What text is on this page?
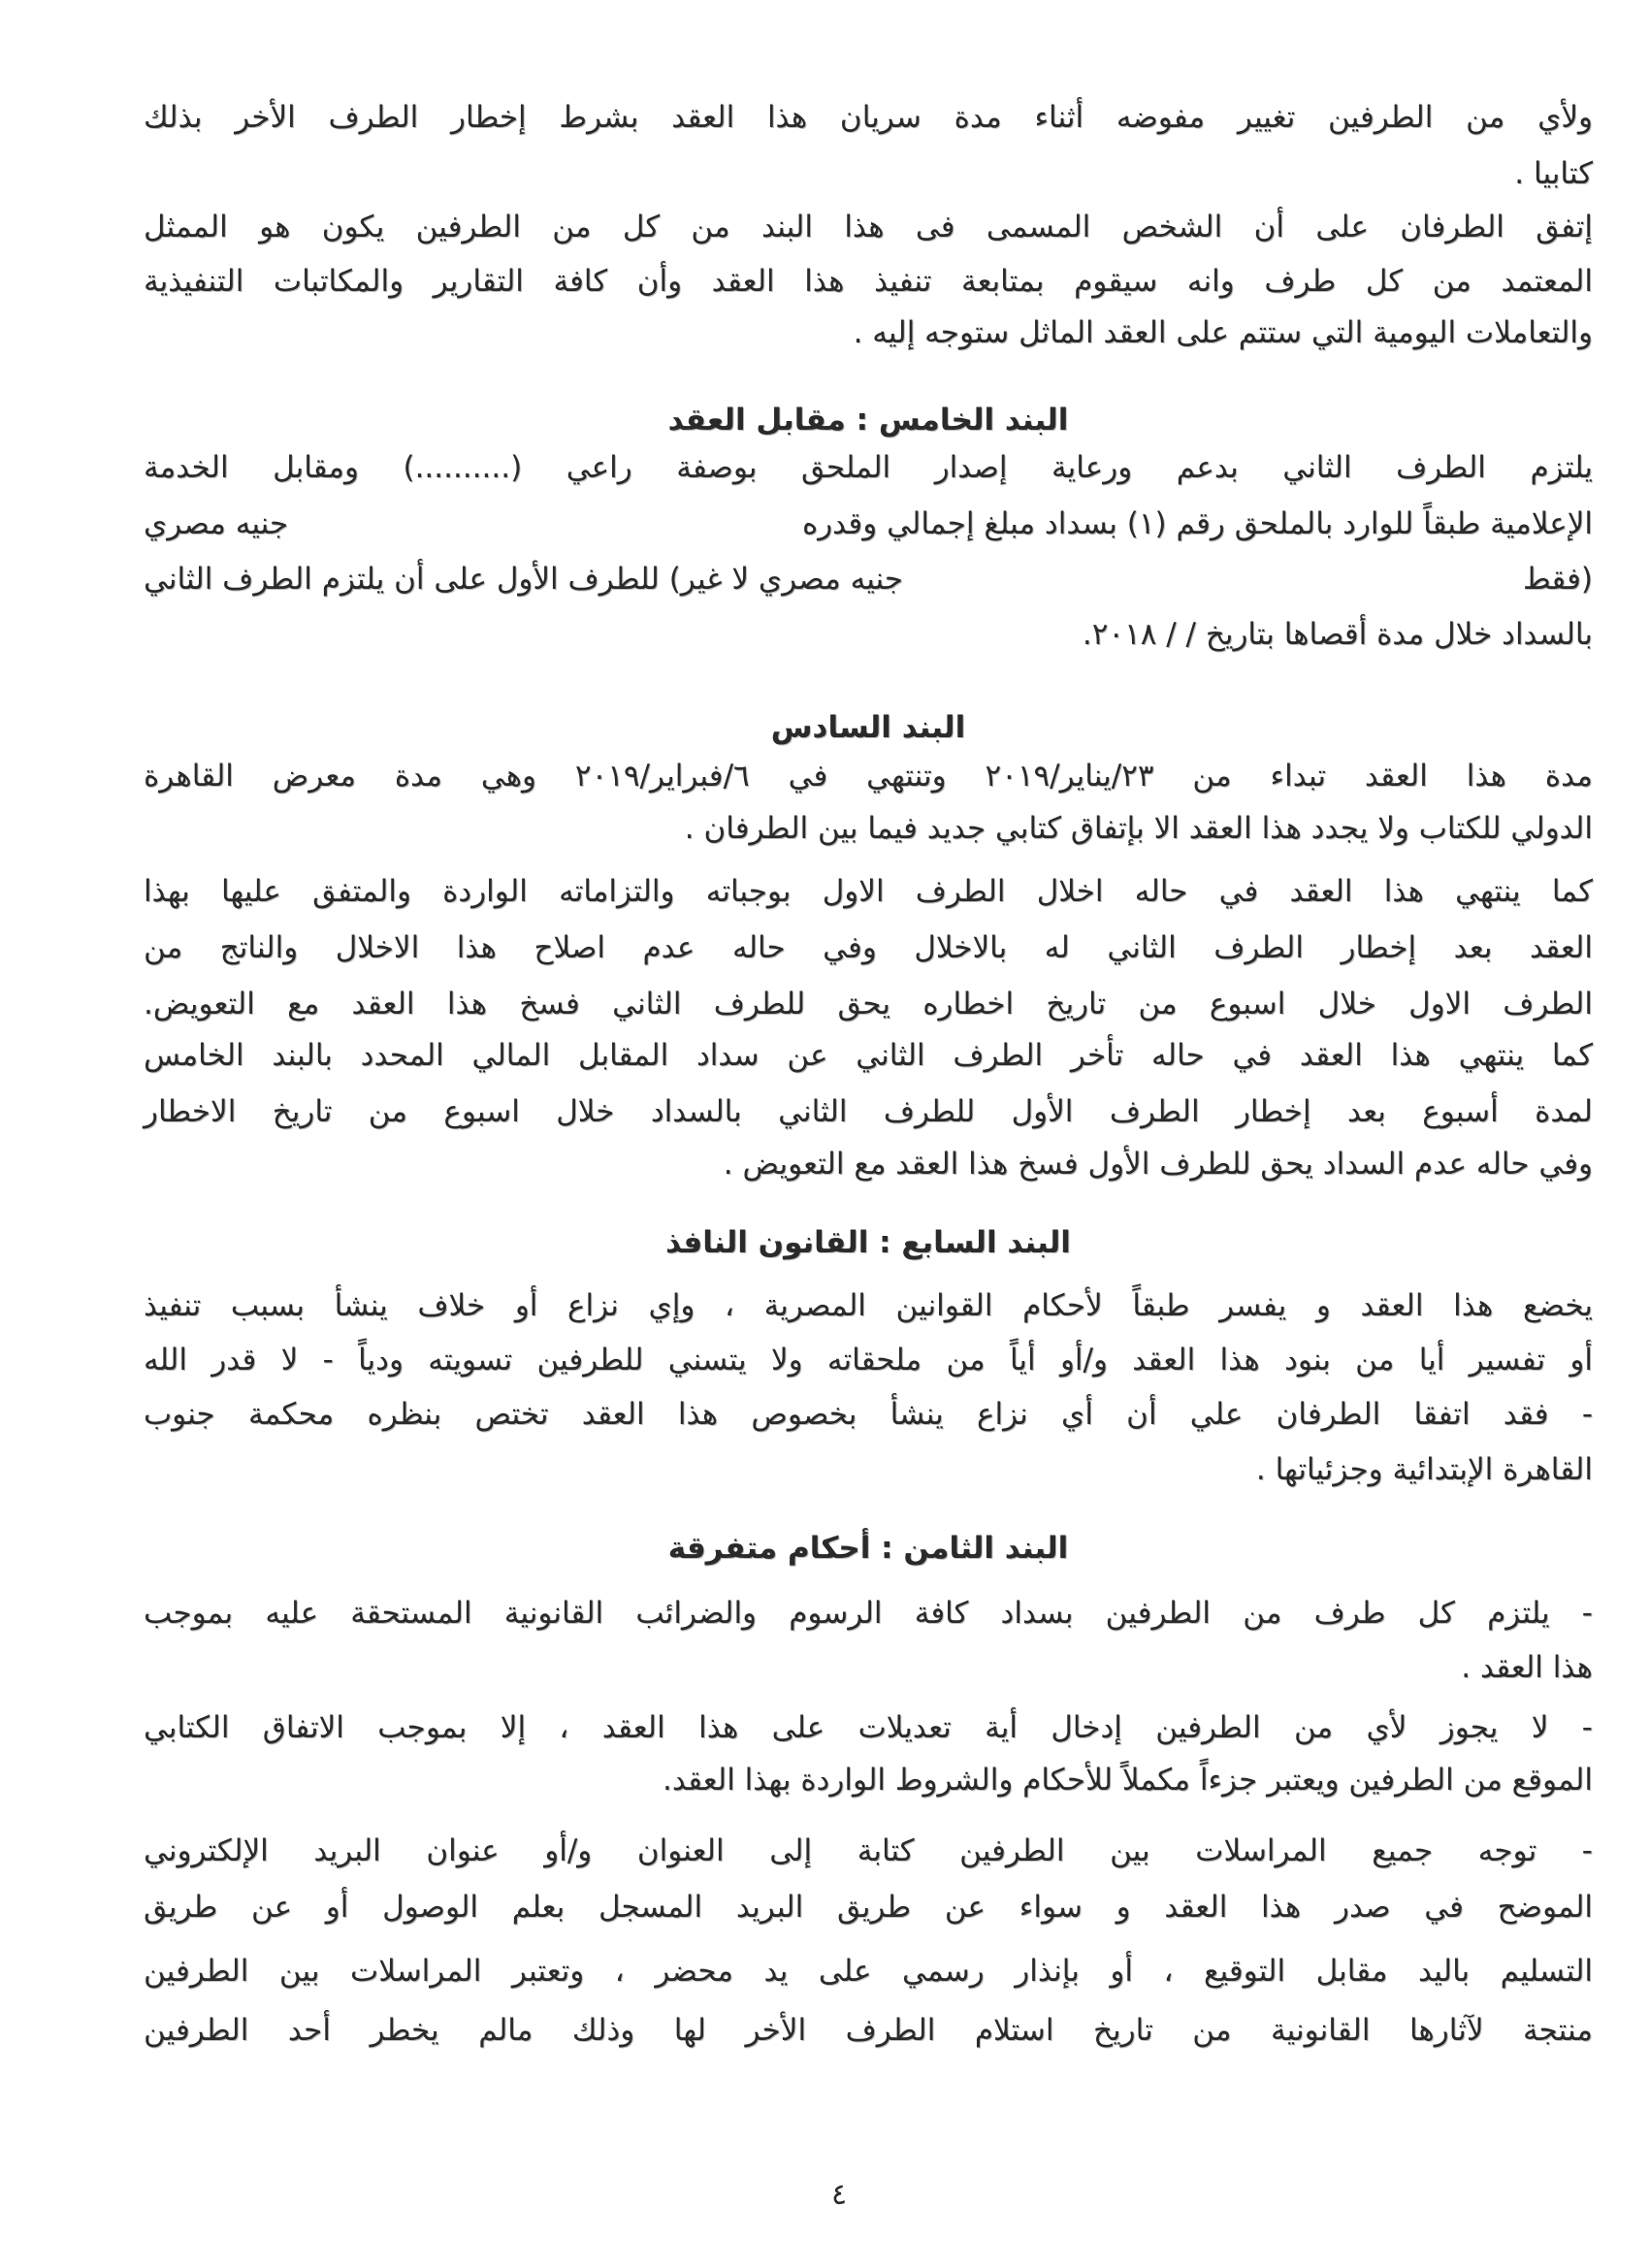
ولأي من الطرفين تغيير مفوضه أثناء مدة سريان هذا العقد بشرط إخطار الطرف الأخر بذلك
كتابيا .
إتفق الطرفان على أن الشخص المسمى فى هذا البند من كل من الطرفين يكون هو الممثل
المعتمد من كل طرف وانه سيقوم بمتابعة تنفيذ هذا العقد وأن كافة التقارير والمكاتبات التنفيذية
والتعاملات اليومية التي ستتم على العقد الماثل ستوجه إليه .
البند الخامس : مقابل العقد
يلتزم الطرف الثاني بدعم ورعاية إصدار الملحق بوصفة راعي (..........) ومقابل الخدمة
الإعلامية طبقاً للوارد بالملحق رقم (١) بسداد مبلغ إجمالي وقدره
جنيه مصري
(فقط
جنيه مصري لا غير) للطرف الأول على أن يلتزم الطرف الثاني
بالسداد خلال مدة أقصاها بتاريخ / / ٢٠١٨.
البند السادس
مدة هذا العقد تبداء من ٢٣/يناير/٢٠١٩ وتنتهي في ٦/فبراير/٢٠١٩ وهي مدة معرض القاهرة
الدولي للكتاب ولا يجدد هذا العقد الا بإتفاق كتابي جديد فيما بين الطرفان .
كما ينتهي هذا العقد في حاله اخلال الطرف الاول بوجباته والتزاماته الواردة والمتفق عليها بهذا
العقد بعد إخطار الطرف الثاني له بالاخلال وفي حاله عدم اصلاح هذا الاخلال والناتج من
الطرف الاول خلال اسبوع من تاريخ اخطاره يحق للطرف الثاني فسخ هذا العقد مع التعويض.
كما ينتهي هذا العقد في حاله تأخر الطرف الثاني عن سداد المقابل المالي المحدد بالبند الخامس
لمدة أسبوع بعد إخطار الطرف الأول للطرف الثاني بالسداد خلال اسبوع من تاريخ الاخطار
وفي حاله عدم السداد يحق للطرف الأول فسخ هذا العقد مع التعويض .
البند السابع : القانون النافذ
يخضع هذا العقد و يفسر طبقاً لأحكام القوانين المصرية ، وإي نزاع أو خلاف ينشأ بسبب تنفيذ
أو تفسير أيا من بنود هذا العقد و/أو أياً من ملحقاته ولا يتسني للطرفين تسويته ودياً - لا قدر الله
- فقد اتفقا الطرفان علي أن أي نزاع ينشأ بخصوص هذا العقد تختص بنظره محكمة جنوب
القاهرة الإبتدائية وجزئياتها .
البند الثامن : أحكام متفرقة
- يلتزم كل طرف من الطرفين بسداد كافة الرسوم والضرائب القانونية المستحقة عليه بموجب
هذا العقد .
- لا يجوز لأي من الطرفين إدخال أية تعديلات على هذا العقد ، إلا بموجب الاتفاق الكتابي
الموقع من الطرفين ويعتبر جزءاً مكملاً للأحكام والشروط الواردة بهذا العقد.
- توجه جميع المراسلات بين الطرفين كتابة إلى العنوان و/أو عنوان البريد الإلكتروني
الموضح في صدر هذا العقد و سواء عن طريق البريد المسجل بعلم الوصول أو عن طريق
التسليم باليد مقابل التوقيع ، أو بإنذار رسمي على يد محضر ، وتعتبر المراسلات بين الطرفين
منتجة لآثارها القانونية من تاريخ استلام الطرف الأخر لها وذلك مالم يخطر أحد الطرفين
٤
